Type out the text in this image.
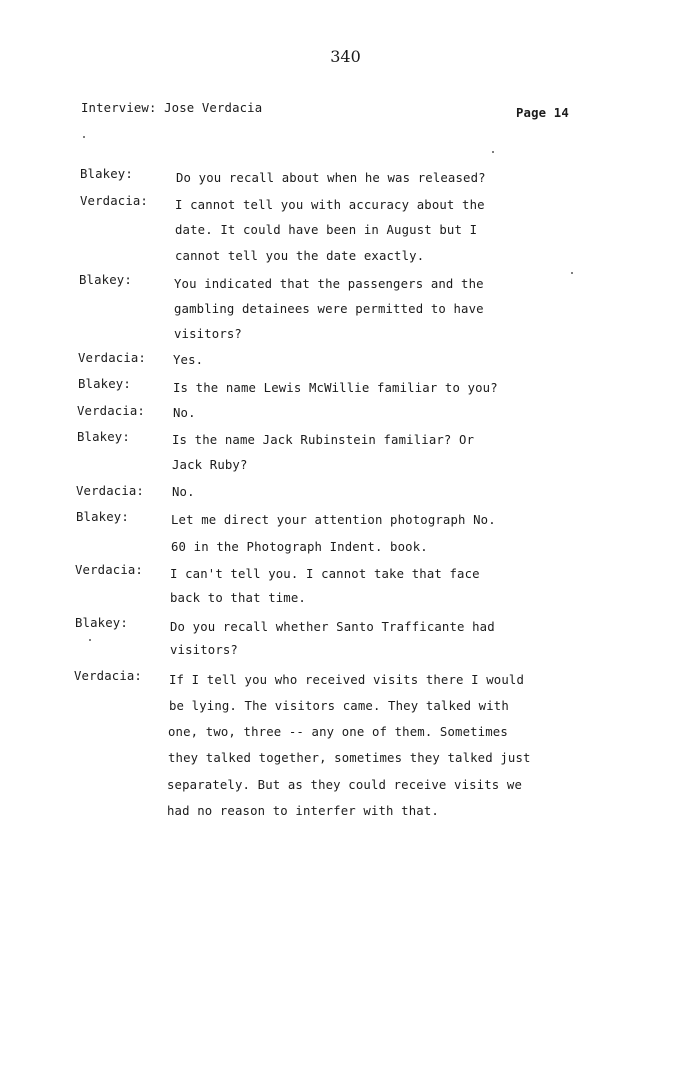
340
Interview: Jose Verdacia	Page 14
Blakey:	Do you recall about when he was released?
Verdacia: I cannot tell you with accuracy about the
date. It could have been in August but I
cannot tell you the date exactly.
Blakey:	You indicated that the passengers and the
gambling detainees were permitted to have
visitors?
Verdacia: Yes.
Blakey:	Is the name Lewis McWillie familiar to you?
Verdacia: No.
Blakey:	Is the name Jack Rubinstein familiar? Or
Jack Ruby?
Verdacia: No.
Blakey:	Let me direct your attention photograph No.
60 in the Photograph Indent. book.
Verdacia: I can't tell you. I cannot take that face
back to that time.
Blakey:	Do you recall whether Santo Trafficante had
visitors?
Verdacia: If I tell you who received visits there I would
be lying. The visitors came. They talked with
one, two, three -- any one of them. Sometimes
they talked together, sometimes they talked just
separately. But as they could receive visits we
had no reason to interfer with that.
